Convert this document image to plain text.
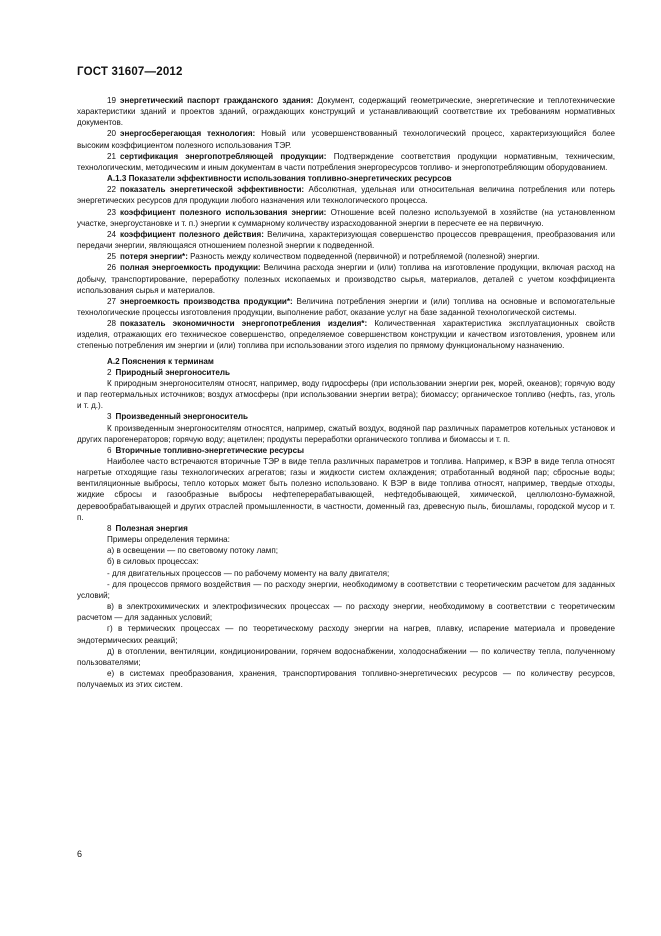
ГОСТ 31607—2012

19 энергетический паспорт гражданского здания: Документ, содержащий геометрические, энергетические и теплотехнические характеристики зданий и проектов зданий, ограждающих конструкций и устанавливающий соответствие их требованиям нормативных документов.

20 энергосберегающая технология: Новый или усовершенствованный технологический процесс, характеризующийся более высоким коэффициентом полезного использования ТЭР.

21 сертификация энергопотребляющей продукции: Подтверждение соответствия продукции нормативным, техническим, технологическим, методическим и иным документам в части потребления энергоресурсов топливо- и энергопотребляющим оборудованием.

А.1.3 Показатели эффективности использования топливно-энергетических ресурсов

22 показатель энергетической эффективности: Абсолютная, удельная или относительная величина потребления или потерь энергетических ресурсов для продукции любого назначения или технологического процесса.

23 коэффициент полезного использования энергии: Отношение всей полезно используемой в хозяйстве (на установленном участке, энергоустановке и т. п.) энергии к суммарному количеству израсходованной энергии в пересчете ее на первичную.

24 коэффициент полезного действия: Величина, характеризующая совершенство процессов превращения, преобразования или передачи энергии, являющаяся отношением полезной энергии к подведенной.

25 потеря энергии*: Разность между количеством подведенной (первичной) и потребляемой (полезной) энергии.

26 полная энергоемкость продукции: Величина расхода энергии и (или) топлива на изготовление продукции, включая расход на добычу, транспортирование, переработку полезных ископаемых и производство сырья, материалов, деталей с учетом коэффициента использования сырья и материалов.

27 энергоемкость производства продукции*: Величина потребления энергии и (или) топлива на основные и вспомогательные технологические процессы изготовления продукции, выполнение работ, оказание услуг на базе заданной технологической системы.

28 показатель экономичности энергопотребления изделия*: Количественная характеристика эксплуатационных свойств изделия, отражающих его техническое совершенство, определяемое совершенством конструкции и качеством изготовления, уровнем или степенью потребления им энергии и (или) топлива при использовании этого изделия по прямому функциональному назначению.

А.2 Пояснения к терминам

2 Природный энергоноситель

К природным энергоносителям относят, например, воду гидросферы (при использовании энергии рек, морей, океанов); горячую воду и пар геотермальных источников; воздух атмосферы (при использовании энергии ветра); биомассу; органическое топливо (нефть, газ, уголь и т. д.).

3 Произведенный энергоноситель

К произведенным энергоносителям относятся, например, сжатый воздух, водяной пар различных параметров котельных установок и других парогенераторов; горячую воду; ацетилен; продукты переработки органического топлива и биомассы и т. п.

6 Вторичные топливно-энергетические ресурсы

Наиболее часто встречаются вторичные ТЭР в виде тепла различных параметров и топлива. Например, к ВЭР в виде тепла относят нагретые отходящие газы технологических агрегатов; газы и жидкости систем охлаждения; отработанный водяной пар; сбросные воды; вентиляционные выбросы, тепло которых может быть полезно использовано. К ВЭР в виде топлива относят, например, твердые отходы, жидкие сбросы и газообразные выбросы нефтеперерабатывающей, нефтедобывающей, химической, целлюлозно-бумажной, деревообрабатывающей и других отраслей промышленности, в частности, доменный газ, древесную пыль, биошламы, городской мусор и т. п.

8 Полезная энергия

Примеры определения термина:

а) в освещении — по световому потоку ламп;

б) в силовых процессах:

- для двигательных процессов — по рабочему моменту на валу двигателя;

- для процессов прямого воздействия — по расходу энергии, необходимому в соответствии с теоретическим расчетом для заданных условий;

в) в электрохимических и электрофизических процессах — по расходу энергии, необходимому в соответствии с теоретическим расчетом — для заданных условий;

г) в термических процессах — по теоретическому расходу энергии на нагрев, плавку, испарение материала и проведение эндотермических реакций;

д) в отоплении, вентиляции, кондиционировании, горячем водоснабжении, холодоснабжении — по количеству тепла, полученному пользователями;

е) в системах преобразования, хранения, транспортирования топливно-энергетических ресурсов — по количеству ресурсов, получаемых из этих систем.

6
